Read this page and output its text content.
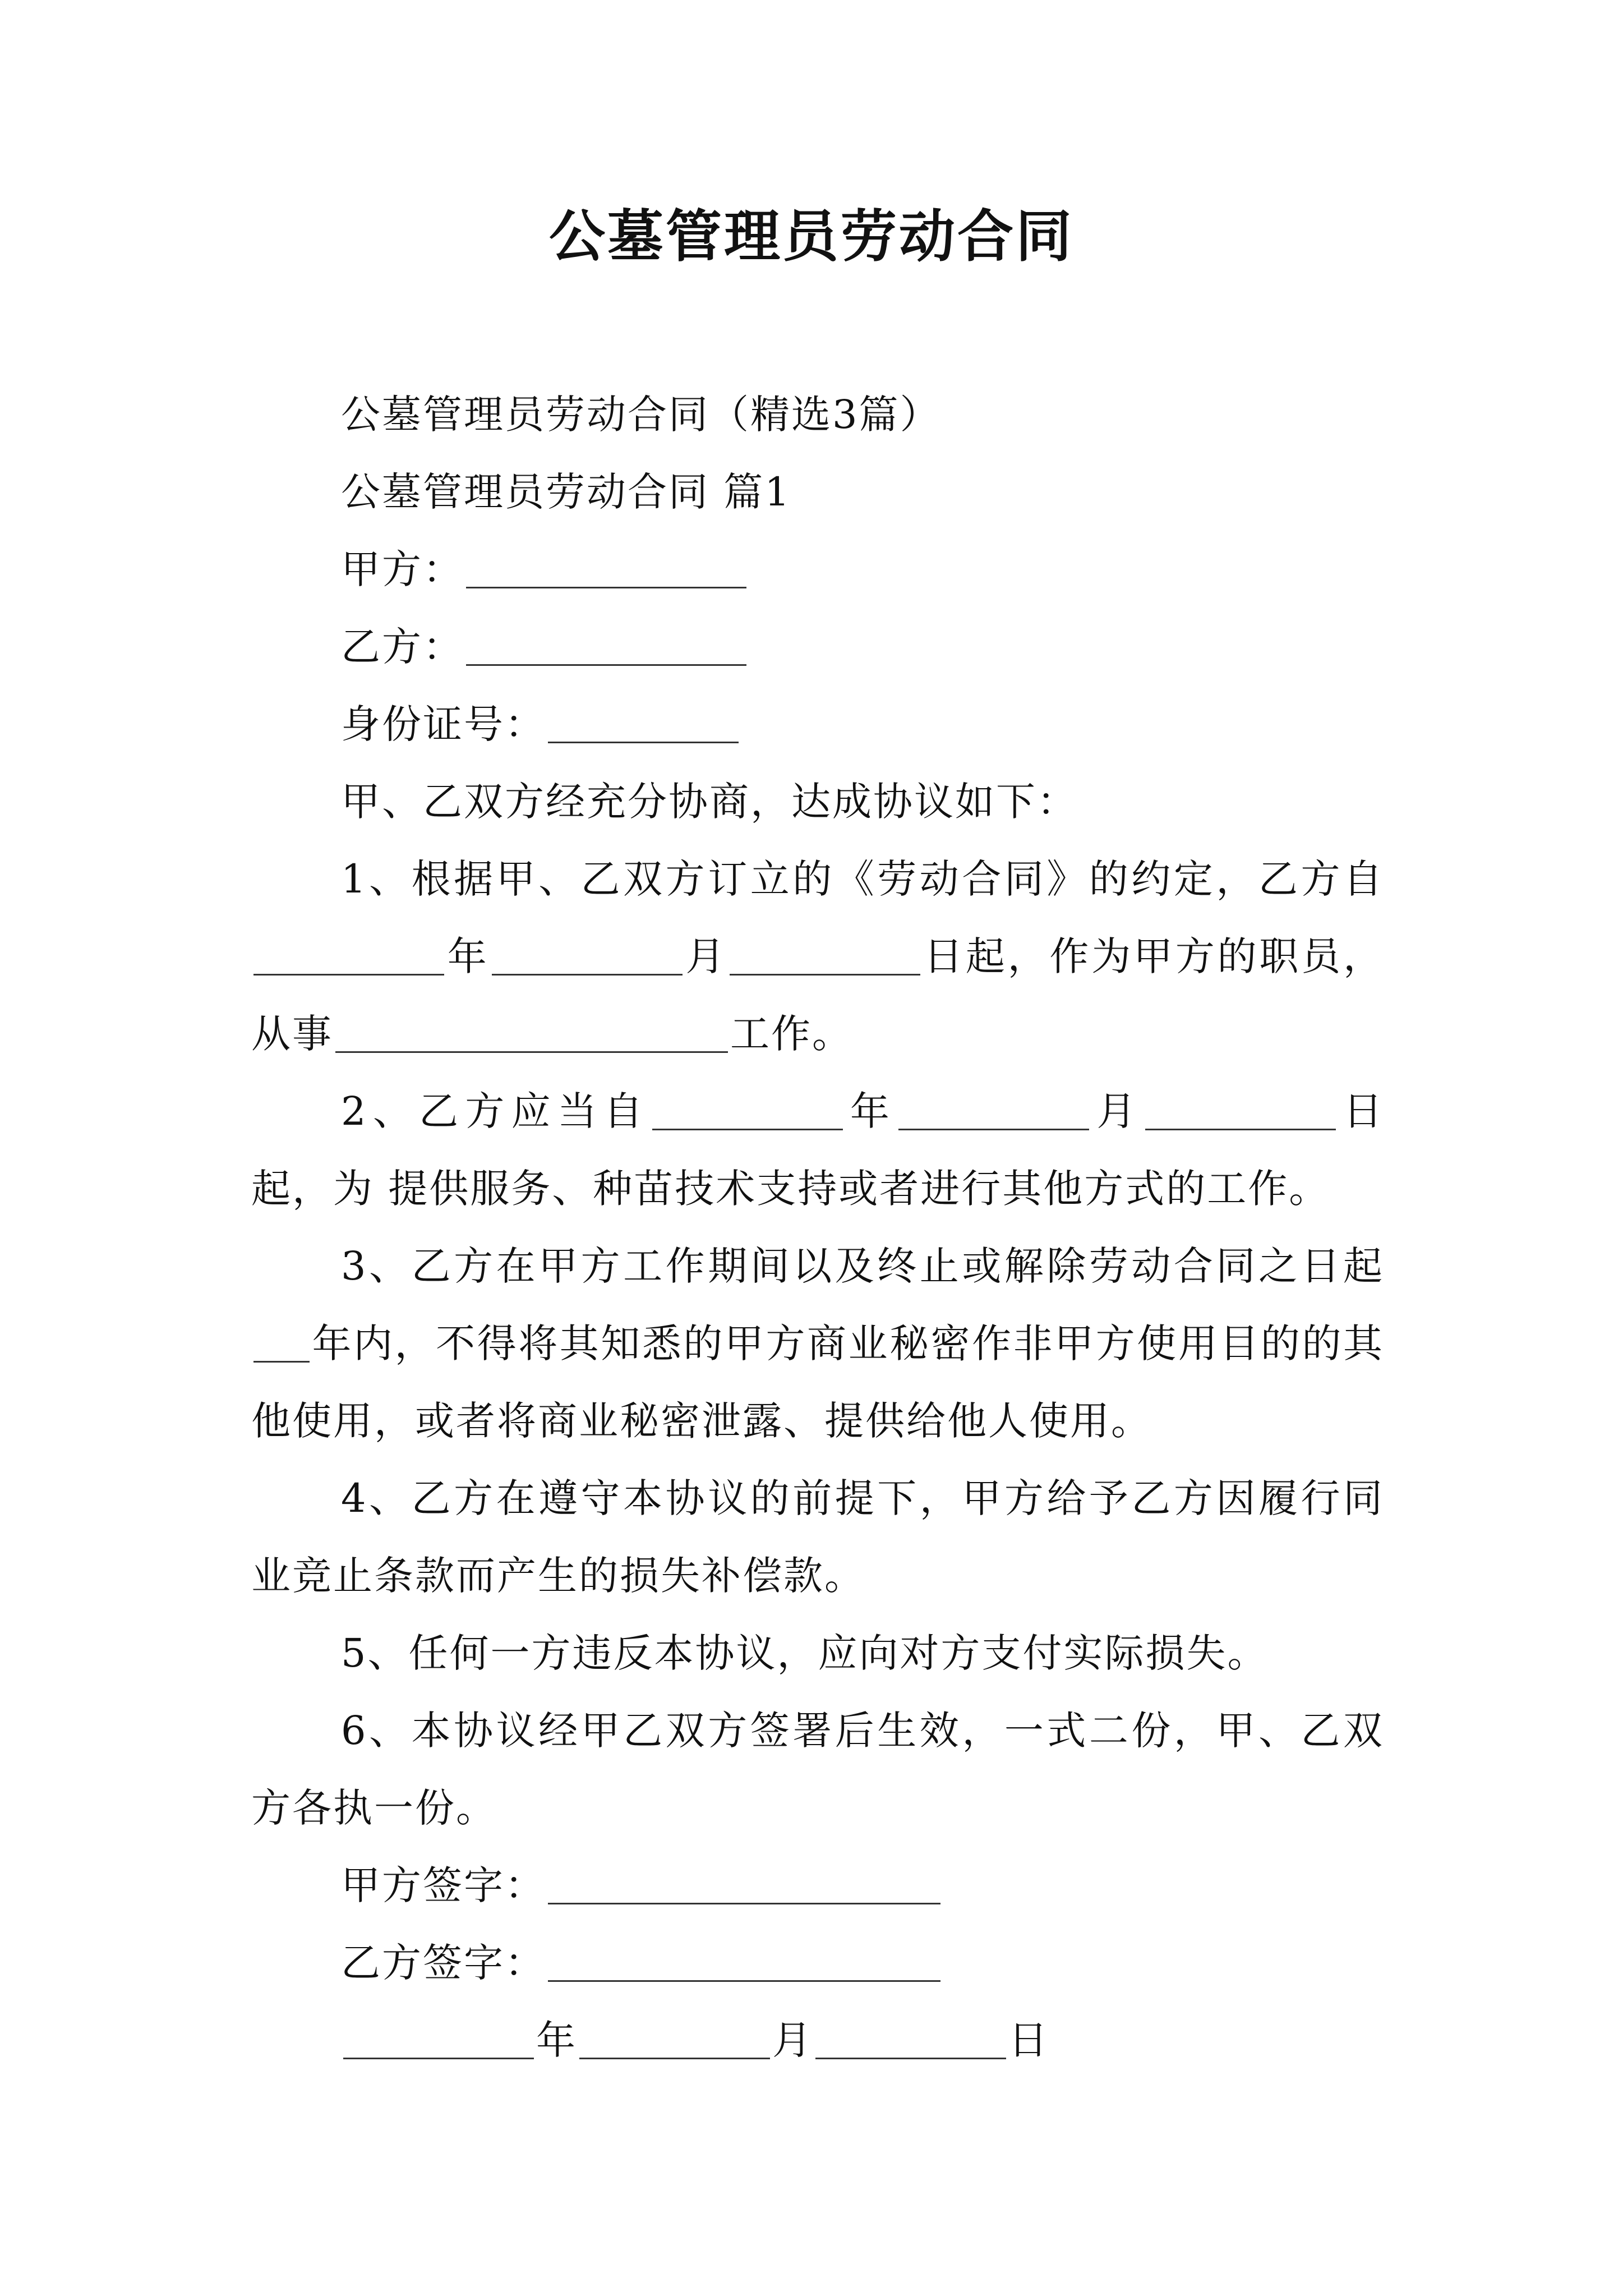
公墓管理员劳动合同

公墓管理员劳动合同（精选3篇）

公墓管理员劳动合同 篇1

甲方：

乙方：

身份证号：

甲、乙双方经充分协商，达成协议如下：

1、根据甲、乙双方订立的《劳动合同》的约定，乙方自年	月	日起，作为甲方的职员，从事	工作。

2、乙方应当自	年	月	日起，为 提供服务、种苗技术支持或者进行其他方式的工作。

3、乙方在甲方工作期间以及终止或解除劳动合同之日起年内，不得将其知悉的甲方商业秘密作非甲方使用目的的其他使用，或者将商业秘密泄露、提供给他人使用。

4、乙方在遵守本协议的前提下，甲方给予乙方因履行同业竞止条款而产生的损失补偿款。

5、任何一方违反本协议，应向对方支付实际损失。

6、本协议经甲乙双方签署后生效，一式二份，甲、乙双方各执一份。

甲方签字：

乙方签字：

年	月	日
